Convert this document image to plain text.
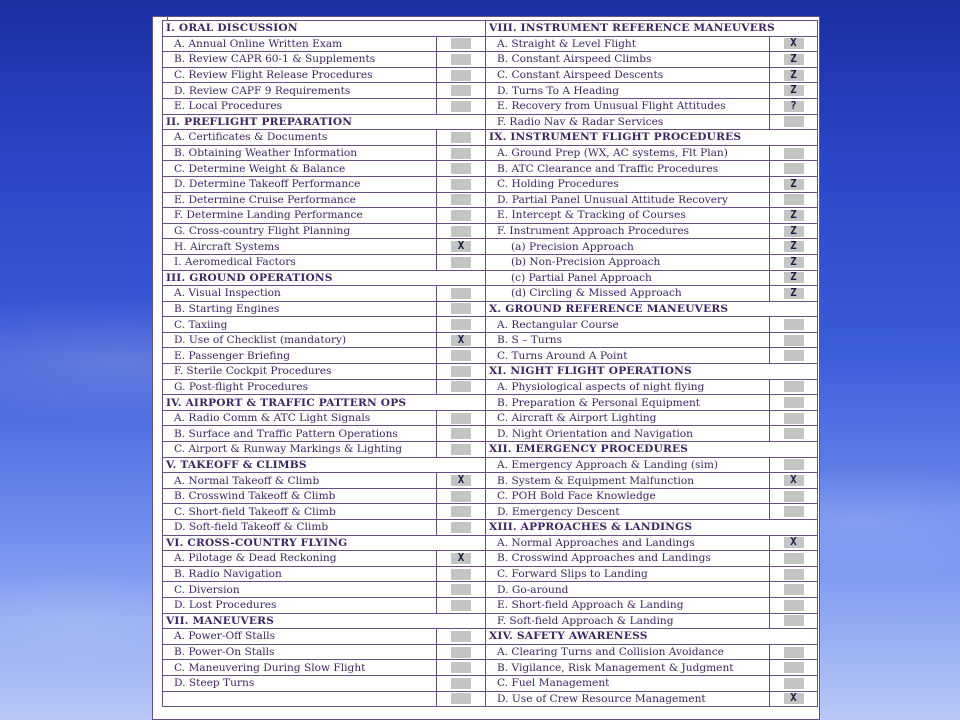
I. ORAL DISCUSSION		VIII. INSTRUMENT REFERENCE MANEUVERS	
A. Annual Online Written Exam		A. Straight & Level Flight	X
B. Review CAPR 60-1 & Supplements		B. Constant Airspeed Climbs	Z
C. Review Flight Release Procedures		C. Constant Airspeed Descents	Z
D. Review CAPF 9 Requirements		D. Turns To A Heading	Z
E. Local Procedures		E. Recovery from Unusual Flight Attitudes	?
II. PREFLIGHT PREPARATION		F. Radio Nav & Radar Services	
A. Certificates & Documents		IX. INSTRUMENT FLIGHT PROCEDURES	
B. Obtaining Weather Information		A. Ground Prep (WX, AC systems, Flt Plan)	
C. Determine Weight & Balance		B. ATC Clearance and Traffic Procedures	
D. Determine Takeoff Performance		C. Holding Procedures	Z
E. Determine Cruise Performance		D. Partial Panel Unusual Attitude Recovery	
F. Determine Landing Performance		E. Intercept & Tracking of Courses	Z
G. Cross-country Flight Planning		F. Instrument Approach Procedures	Z
H. Aircraft Systems	X	(a) Precision Approach	Z
I. Aeromedical Factors		(b) Non-Precision Approach	Z
III. GROUND OPERATIONS		(c) Partial Panel Approach	Z
A. Visual Inspection		(d) Circling & Missed Approach	Z
B. Starting Engines		X. GROUND REFERENCE MANEUVERS	
C. Taxiing		A. Rectangular Course	
D. Use of Checklist (mandatory)	X	B. S – Turns	
E. Passenger Briefing		C. Turns Around A Point	
F. Sterile Cockpit Procedures		XI. NIGHT FLIGHT OPERATIONS	
G. Post-flight Procedures		A. Physiological aspects of night flying	
IV. AIRPORT & TRAFFIC PATTERN OPS		B. Preparation & Personal Equipment	
A. Radio Comm & ATC Light Signals		C. Aircraft & Airport Lighting	
B. Surface and Traffic Pattern Operations		D. Night Orientation and Navigation	
C. Airport & Runway Markings & Lighting		XII. EMERGENCY PROCEDURES	
V. TAKEOFF & CLIMBS		A. Emergency Approach & Landing (sim)	
A. Normal Takeoff & Climb	X	B. System & Equipment Malfunction	X
B. Crosswind Takeoff & Climb		C. POH Bold Face Knowledge	
C. Short-field Takeoff & Climb		D. Emergency Descent	
D. Soft-field Takeoff & Climb		XIII. APPROACHES & LANDINGS	
VI. CROSS-COUNTRY FLYING		A. Normal Approaches and Landings	X
A. Pilotage & Dead Reckoning	X	B. Crosswind Approaches and Landings	
B. Radio Navigation		C. Forward Slips to Landing	
C. Diversion		D. Go-around	
D. Lost Procedures		E. Short-field Approach & Landing	
VII. MANEUVERS		F. Soft-field Approach & Landing	
A. Power-Off Stalls		XIV. SAFETY AWARENESS	
B. Power-On Stalls		A. Clearing Turns and Collision Avoidance	
C. Maneuvering During Slow Flight		B. Vigilance, Risk Management & Judgment	
D. Steep Turns		C. Fuel Management	
		D. Use of Crew Resource Management	X
